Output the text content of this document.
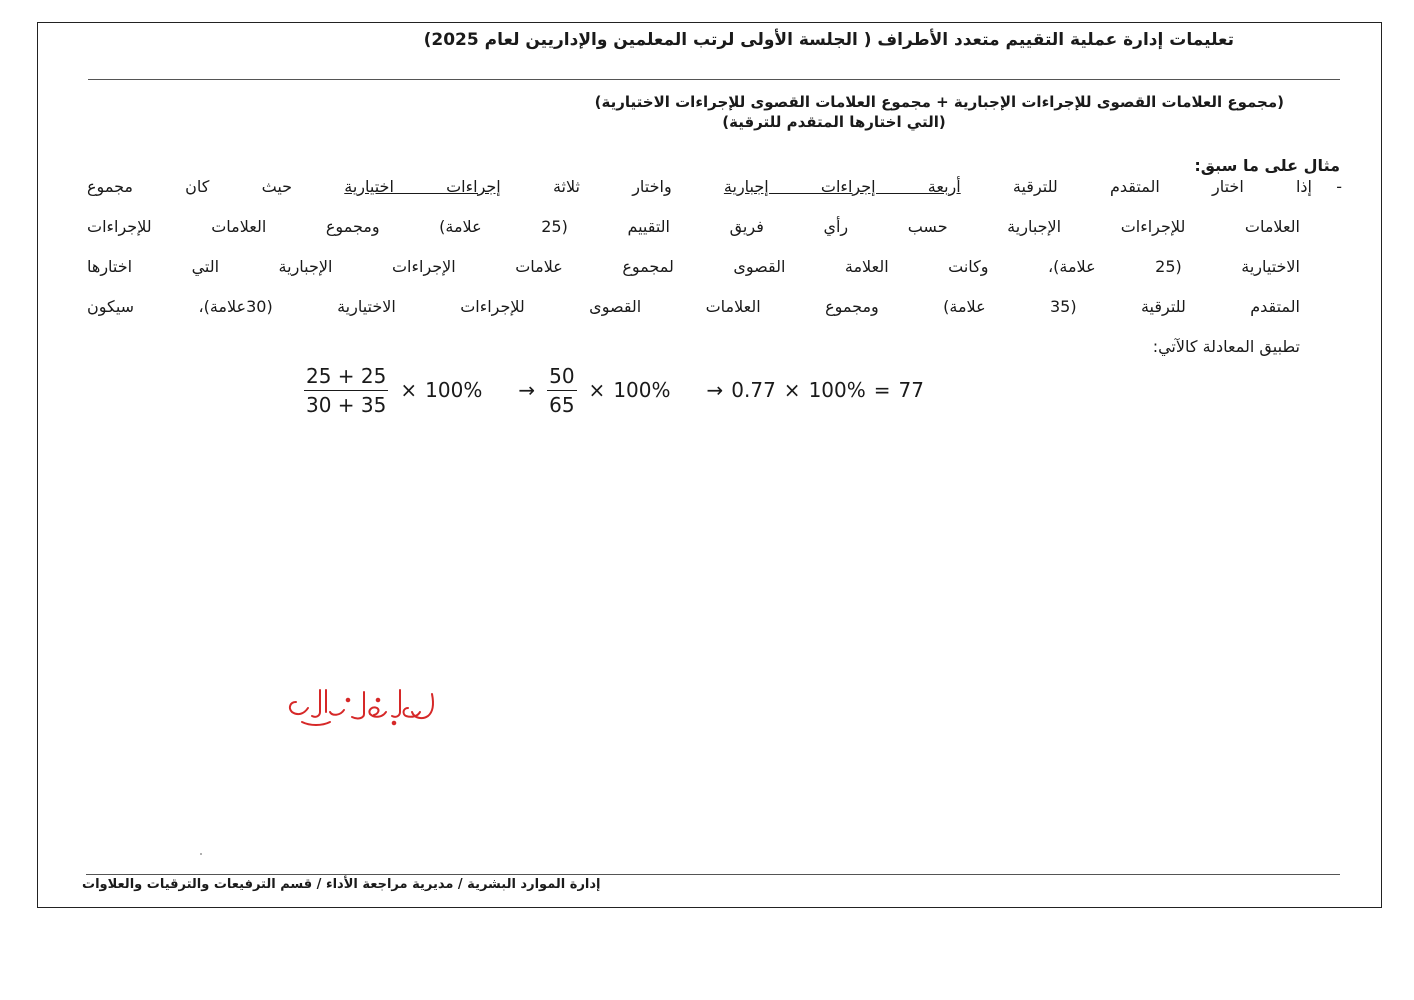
تعليمات إدارة عملية التقييم متعدد الأطراف ( الجلسة الأولى لرتب المعلمين والإداريين لعام 2025)
(مجموع العلامات القصوى للإجراءات الإجبارية + مجموع العلامات القصوى للإجراءات الاختيارية)
(التي اختارها المتقدم للترقية)
مثال على ما سبق:
-إذا اختار المتقدم للترقية أربعة إجراءات إجبارية واختار ثلاثة إجراءات اختيارية حيث كان مجموع
العلامات للإجراءات الإجبارية حسب رأي فريق التقييم (25 علامة) ومجموع العلامات للإجراءات
الاختيارية (25 علامة)، وكانت العلامة القصوى لمجموع علامات الإجراءات الإجبارية التي اختارها
المتقدم للترقية (35 علامة) ومجموع العلامات القصوى للإجراءات الاختيارية (30علامة)، سيكون
تطبيق المعادلة كالآتي:
$\frac{25 + 25}{30 + 35} \times 100\% \to \frac{50}{65} \times 100\% \to 0.77 \times 100\% = 77$
إدارة الموارد البشرية / مديرية مراجعة الأداء / قسم الترفيعات والترقيات والعلاوات
